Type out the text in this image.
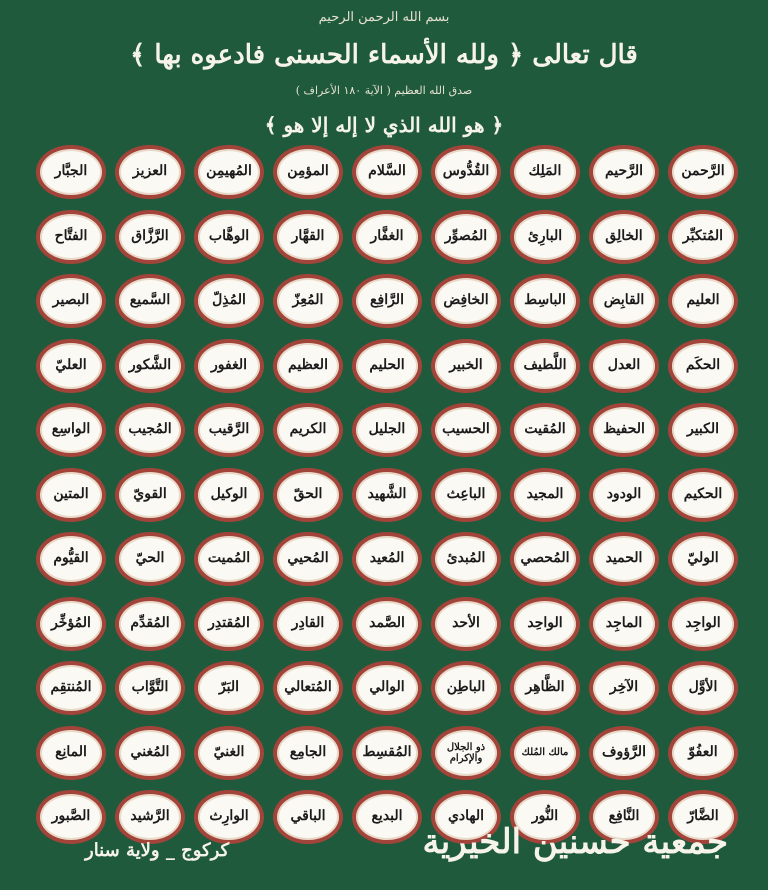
بسم الله الرحمن الرحيم
قال تعالى ﴿ ولله الأسماء الحسنى فادعوه بها ﴾
صدق الله العظيم ( الآية ١٨٠ الأعراف )
﴿ هو الله الذي لا إله إلا هو ﴾
الرَّحمن
الرَّحيم
المَلِك
القُدُّوس
السَّلام
المؤمِن
المُهيمِن
العزيز
الجبَّار
المُتكبِّر
الخالِق
البارِئ
المُصوِّر
الغفَّار
القهَّار
الوهَّاب
الرَّزَّاق
الفتَّاح
العليم
القابِض
الباسِط
الخافِض
الرَّافِع
المُعِزّ
المُذِلّ
السَّميع
البصير
الحكَم
العدل
اللَّطيف
الخبير
الحليم
العظيم
الغفور
الشَّكور
العليّ
الكبير
الحفيظ
المُقيت
الحسيب
الجليل
الكريم
الرَّقيب
المُجيب
الواسِع
الحكيم
الودود
المجيد
الباعِث
الشَّهيد
الحقّ
الوكيل
القويّ
المتين
الوليّ
الحميد
المُحصي
المُبدئ
المُعيد
المُحيي
المُميت
الحيّ
القيُّوم
الواجِد
الماجِد
الواحِد
الأحد
الصَّمد
القادِر
المُقتدِر
المُقدِّم
المُؤخِّر
الأوَّل
الآخِر
الظَّاهِر
الباطِن
الوالي
المُتعالي
البَرّ
التَّوَّاب
المُنتقِم
العفُوّ
الرَّؤوف
مالك المُلك
ذو الجلال والإكرام
المُقسِط
الجامِع
الغنيّ
المُغني
المانِع
الضَّارّ
النَّافِع
النُّور
الهادي
البديع
الباقي
الوارِث
الرَّشيد
الصَّبور
جمعية حسنين الخيرية
كركوج _ ولاية سنار
